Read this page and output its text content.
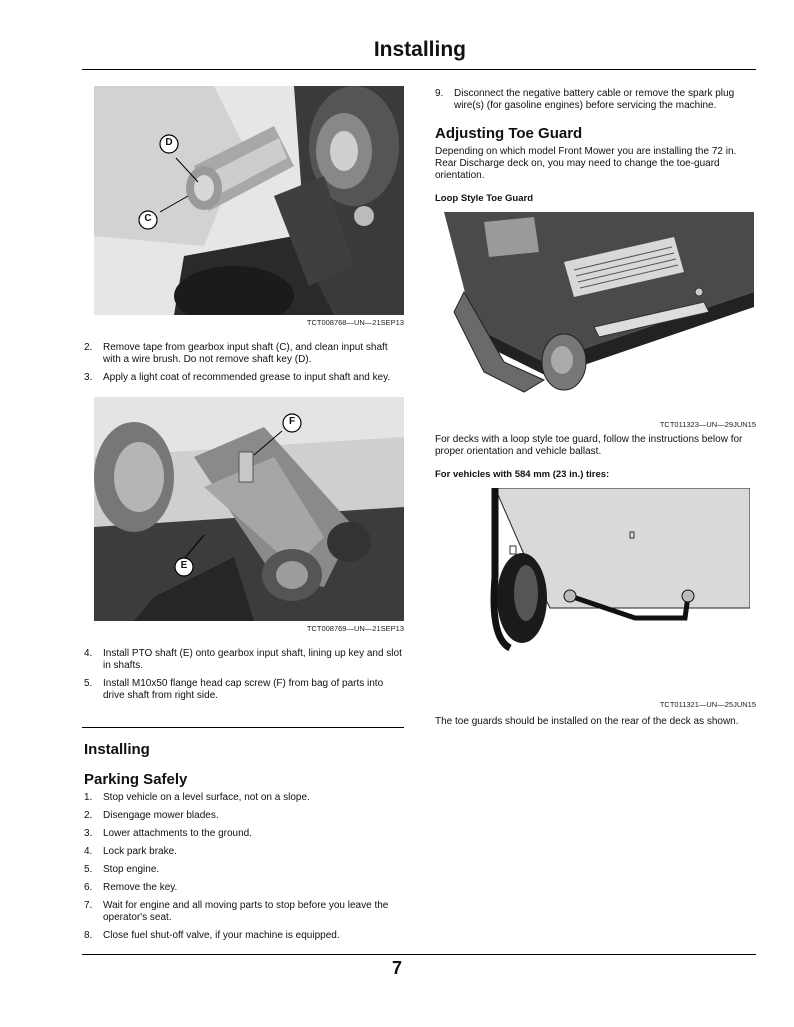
Installing
D
C
TCT008768—UN—21SEP13
2. Remove tape from gearbox input shaft (C), and clean input shaft with a wire brush. Do not remove shaft key (D).
3. Apply a light coat of recommended grease to input shaft and key.
F
E
TCT008769—UN—21SEP13
4. Install PTO shaft (E) onto gearbox input shaft, lining up key and slot in shafts.
5. Install M10x50 flange head cap screw (F) from bag of parts into drive shaft from right side.
Installing
Parking Safely
1. Stop vehicle on a level surface, not on a slope.
2. Disengage mower blades.
3. Lower attachments to the ground.
4. Lock park brake.
5. Stop engine.
6. Remove the key.
7. Wait for engine and all moving parts to stop before you leave the operator's seat.
8. Close fuel shut-off valve, if your machine is equipped.
9. Disconnect the negative battery cable or remove the spark plug wire(s) (for gasoline engines) before servicing the machine.
Adjusting Toe Guard
Depending on which model Front Mower you are installing the 72 in. Rear Discharge deck on, you may need to change the toe-guard orientation.
Loop Style Toe Guard
TCT011323—UN—29JUN15
For decks with a loop style toe guard, follow the instructions below for proper orientation and vehicle ballast.
For vehicles with 584 mm (23 in.) tires:
TCT011321—UN—25JUN15
The toe guards should be installed on the rear of the deck as shown.
7
